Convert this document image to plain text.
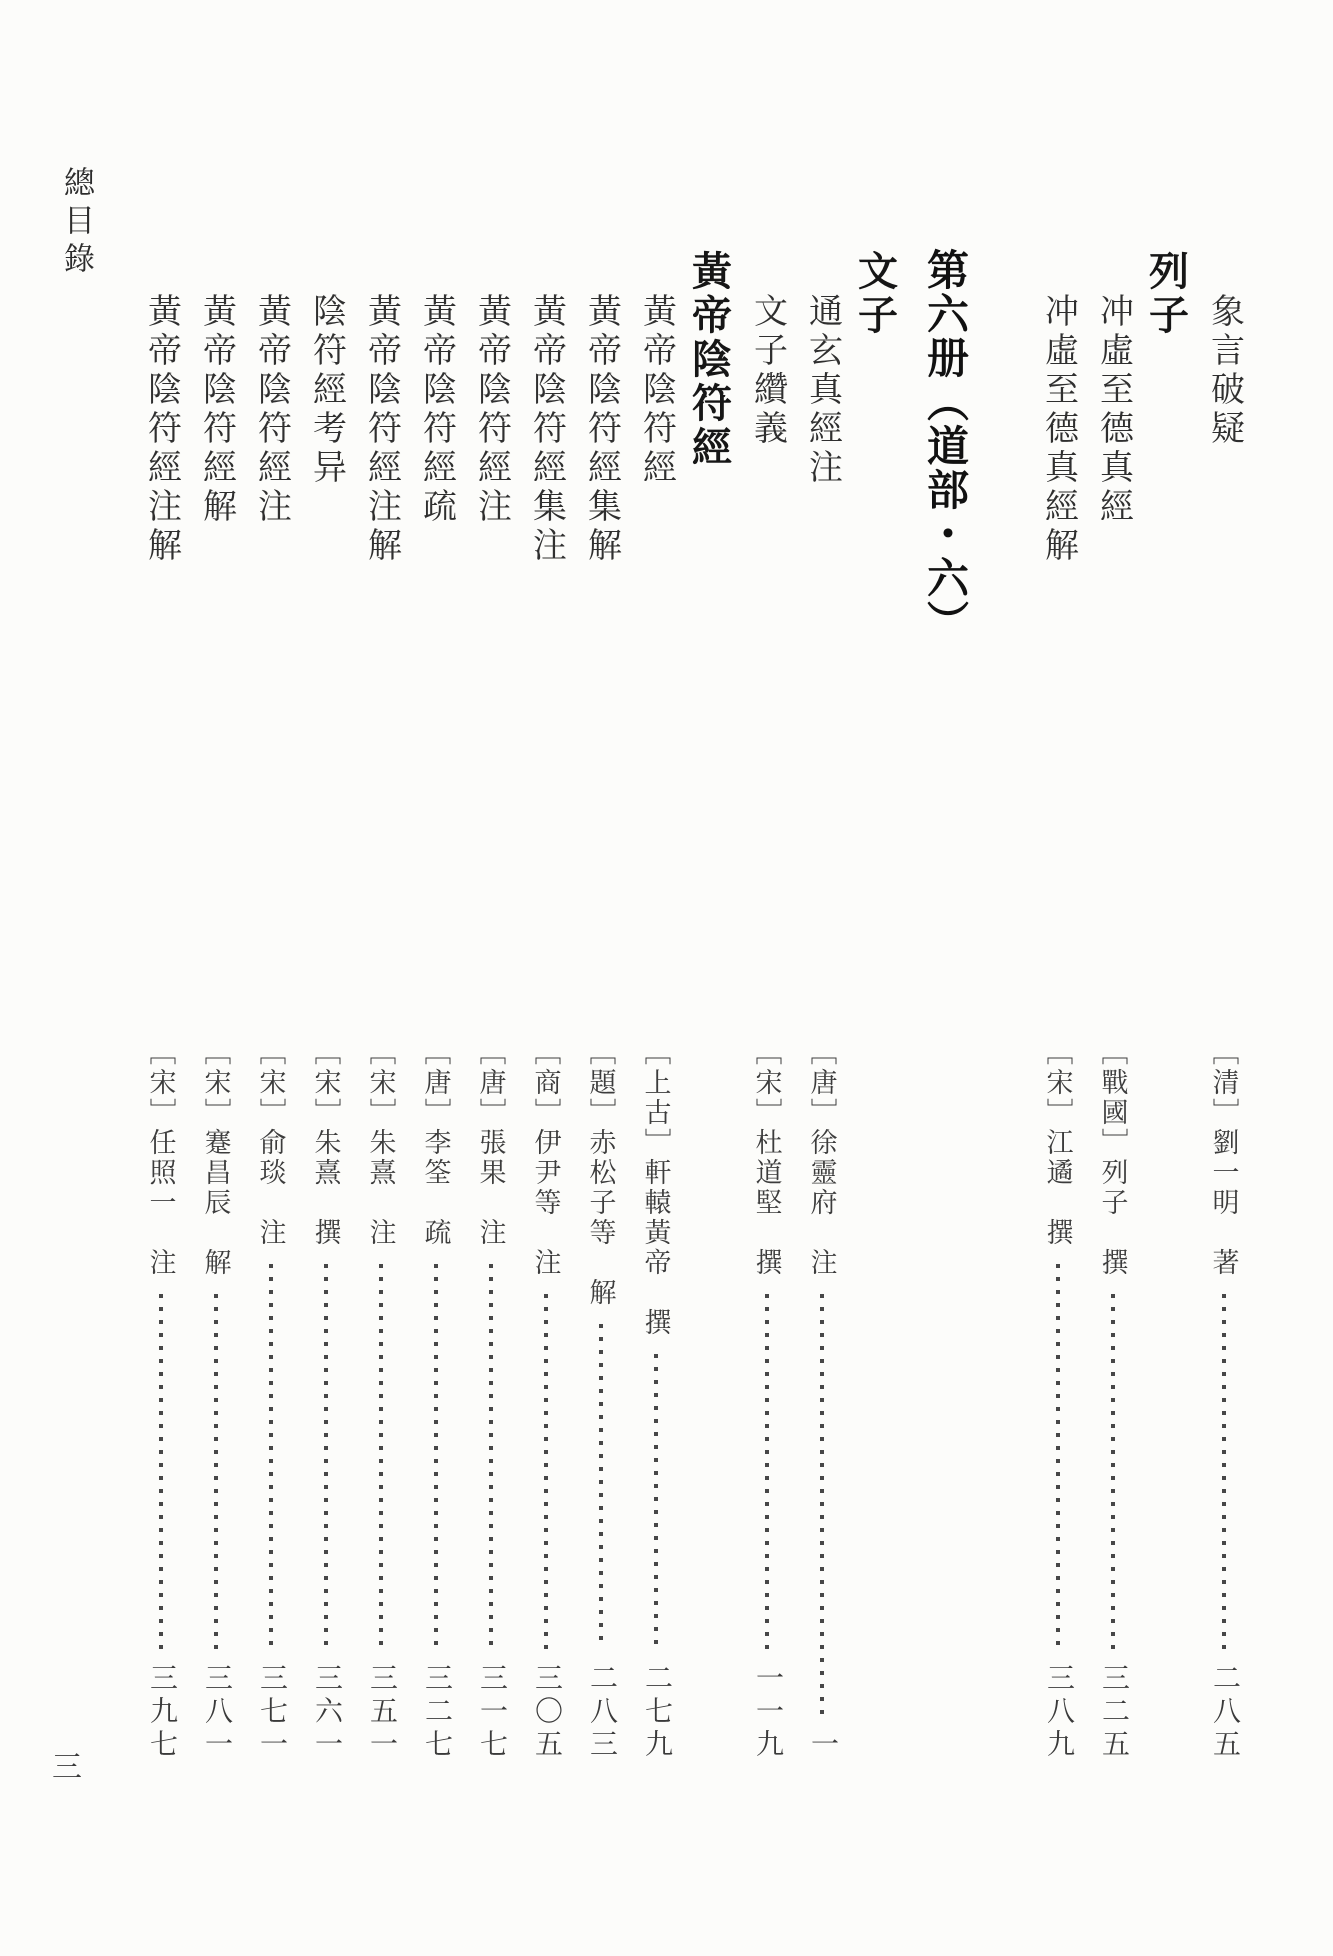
總目錄
象言破疑
［清］劉一明　著
二八五
列子
冲虛至德真經
［戰國］列子　撰
三二五
冲虛至德真經解
［宋］江遹　撰
三八九
第六册（道部・六）
文子
通玄真經注
［唐］徐靈府　注
一
文子纘義
［宋］杜道堅　撰
一一九
黃帝陰符經
黃帝陰符經
［上古］軒轅黃帝　撰
二七九
黃帝陰符經集解
［題］赤松子等　解
二八三
黃帝陰符經集注
［商］伊尹等　注
三〇五
黃帝陰符經注
［唐］張果　注
三一七
黃帝陰符經疏
［唐］李筌　疏
三二七
黃帝陰符經注解
［宋］朱熹　注
三五一
陰符經考异
［宋］朱熹　撰
三六一
黃帝陰符經注
［宋］俞琰　注
三七一
黃帝陰符經解
［宋］蹇昌辰　解
三八一
黃帝陰符經注解
［宋］任照一　注
三九七
三
